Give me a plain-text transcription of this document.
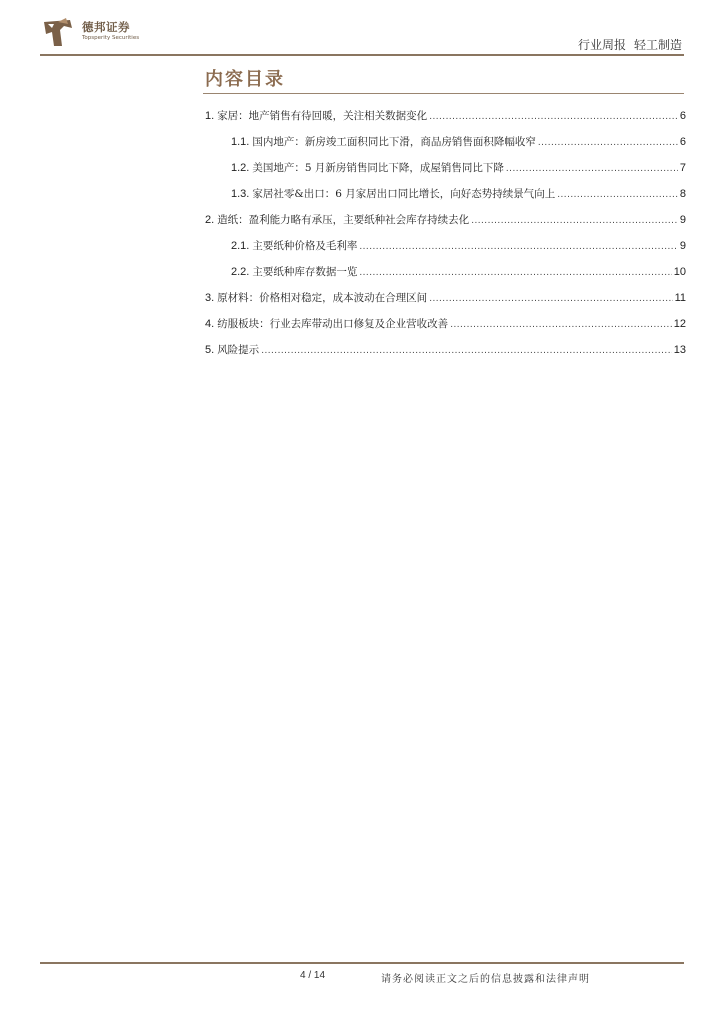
德邦证券
Topsperity Securities	行业周报 轻工制造
内容目录
1. 家居：地产销售有待回暖，关注相关数据变化 .....	6
1.1. 国内地产：新房竣工面积同比下滑，商品房销售面积降幅收窄 .....	6
1.2. 美国地产：5 月新房销售同比下降，成屋销售同比下降 .....	7
1.3. 家居社零&出口：6 月家居出口同比增长，向好态势持续景气向上 .....	8
2. 造纸：盈利能力略有承压，主要纸种社会库存持续去化 .....	9
2.1. 主要纸种价格及毛利率 .....	9
2.2. 主要纸种库存数据一览 .....	10
3. 原材料：价格相对稳定，成本波动在合理区间 .....	11
4. 纺服板块：行业去库带动出口修复及企业营收改善 .....	12
5. 风险提示 .....	13
4 / 14	请务必阅读正文之后的信息披露和法律声明
